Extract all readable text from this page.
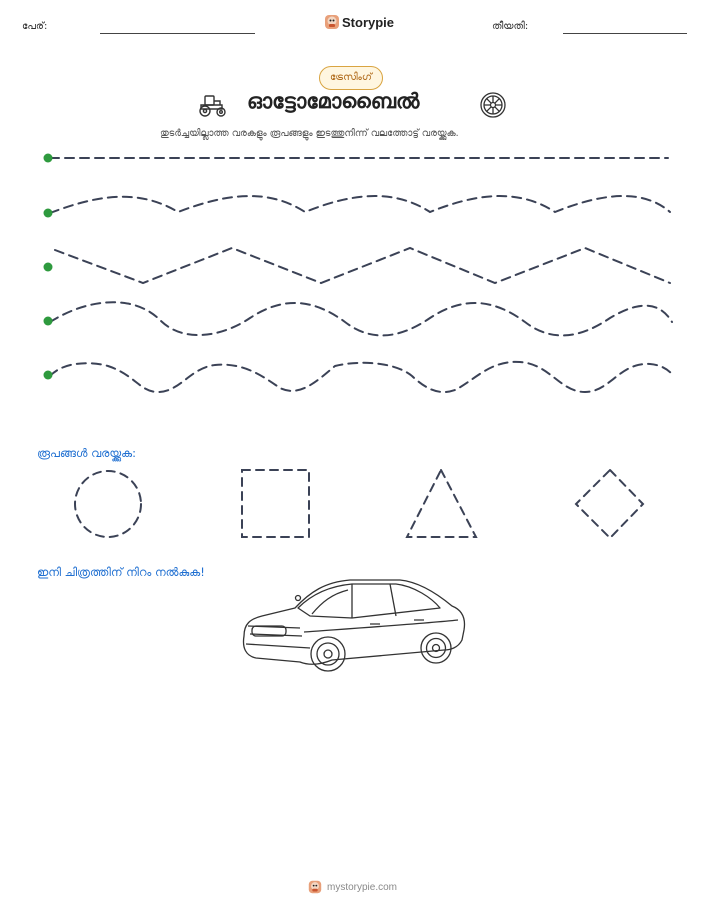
പേര്:	Storypie	തീയതി:
ട്രേസിംഗ്
ഓട്ടോമോബൈൽ
തുടർച്ചയില്ലാത്ത വരകളും രൂപങ്ങളും ഇടത്തുനിന്ന് വലത്തോട്ട് വരയ്ക്കുക.
രൂപങ്ങൾ വരയ്ക്കുക:
ഇനി ചിത്രത്തിന് നിറം നൽകുക!
mystorypie.com
